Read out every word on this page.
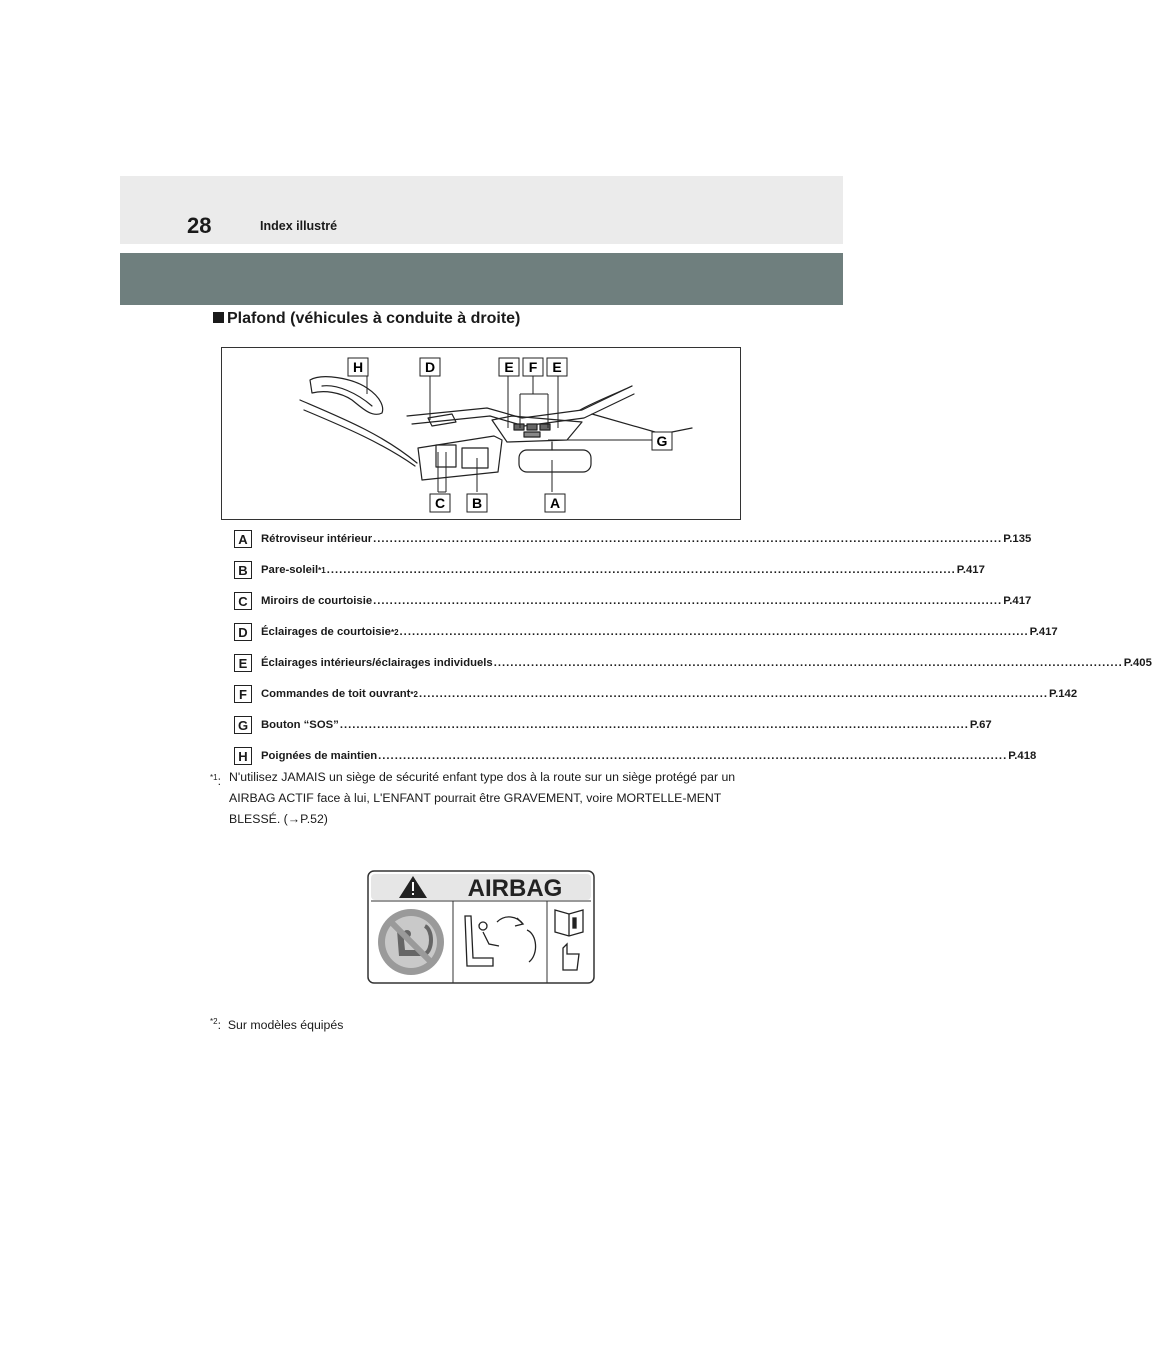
28	Index illustré
Plafond (véhicules à conduite à droite)
H	D	E F E
G
C B	A
A	Rétroviseur intérieur ........................................................................................................................................................ P.135
B	Pare-soleil *1 ........................................................................................................................................................ P.417
C	Miroirs de courtoisie ........................................................................................................................................................ P.417
D	Éclairages de courtoisie *2 ........................................................................................................................................................ P.417
E	Éclairages intérieurs/éclairages individuels ........................................................................................................................................................ P.405
F	Commandes de toit ouvrant *2 ........................................................................................................................................................ P.142
G	Bouton “SOS” ........................................................................................................................................................ P.67
H	Poignées de maintien ........................................................................................................................................................ P.418
$^{*1}$: N'utilisez JAMAIS un siège de sécurité enfant type dos à la route sur un siège protégé par un AIRBAG ACTIF face à lui, L'ENFANT pourrait être GRAVEMENT, voire MORTELLE-MENT BLESSÉ. (→P.52)
AIRBAG
$^{*2}$:  Sur modèles équipés
